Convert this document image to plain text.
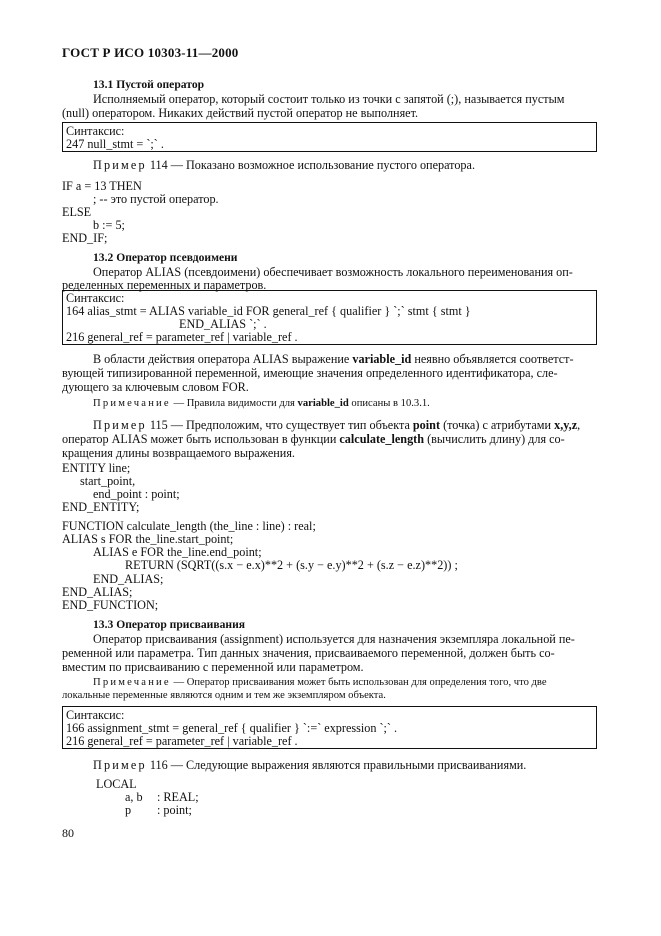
ГОСТ Р ИСО 10303-11—2000
13.1 Пустой оператор
Исполняемый оператор, который состоит только из точки с запятой (;), называется пустым
(null) оператором. Никаких действий пустой оператор не выполняет.
Синтаксис:
247 null_stmt = `;` .
Пример 114 — Показано возможное использование пустого оператора.
IF a = 13 THEN
; -- это пустой оператор.
ELSE
b := 5;
END_IF;
13.2 Оператор псевдоимени
Оператор ALIAS (псевдоимени) обеспечивает возможность локального переименования оп-
ределенных переменных и параметров.
Синтаксис:
164 alias_stmt = ALIAS variable_id FOR general_ref { qualifier } `;` stmt { stmt }
END_ALIAS `;` .
216 general_ref = parameter_ref | variable_ref .
В области действия оператора ALIAS выражение variable_id неявно объявляется соответст-
вующей типизированной переменной, имеющие значения определенного идентификатора, сле-
дующего за ключевым словом FOR.
Примечание — Правила видимости для variable_id описаны в 10.3.1.
Пример 115 — Предположим, что существует тип объекта point (точка) с атрибутами x,y,z,
оператор ALIAS может быть использован в функции calculate_length (вычислить длину) для со-
кращения длины возвращаемого выражения.
ENTITY line;
start_point,
end_point : point;
END_ENTITY;
FUNCTION calculate_length (the_line : line) : real;
ALIAS s FOR the_line.start_point;
ALIAS e FOR the_line.end_point;
RETURN (SQRT((s.x − e.x)**2 + (s.y − e.y)**2 + (s.z − e.z)**2)) ;
END_ALIAS;
END_ALIAS;
END_FUNCTION;
13.3 Оператор присваивания
Оператор присваивания (assignment) используется для назначения экземпляра локальной пе-
ременной или параметра. Тип данных значения, присваиваемого переменной, должен быть со-
вместим по присваиванию с переменной или параметром.
Примечание — Оператор присваивания может быть использован для определения того, что две
локальные переменные являются одним и тем же экземпляром объекта.
Синтаксис:
166 assignment_stmt = general_ref { qualifier } `:=` expression `;` .
216 general_ref = parameter_ref | variable_ref .
Пример 116 — Следующие выражения являются правильными присваиваниями.
LOCAL
a, b : REAL;
p : point;
80
